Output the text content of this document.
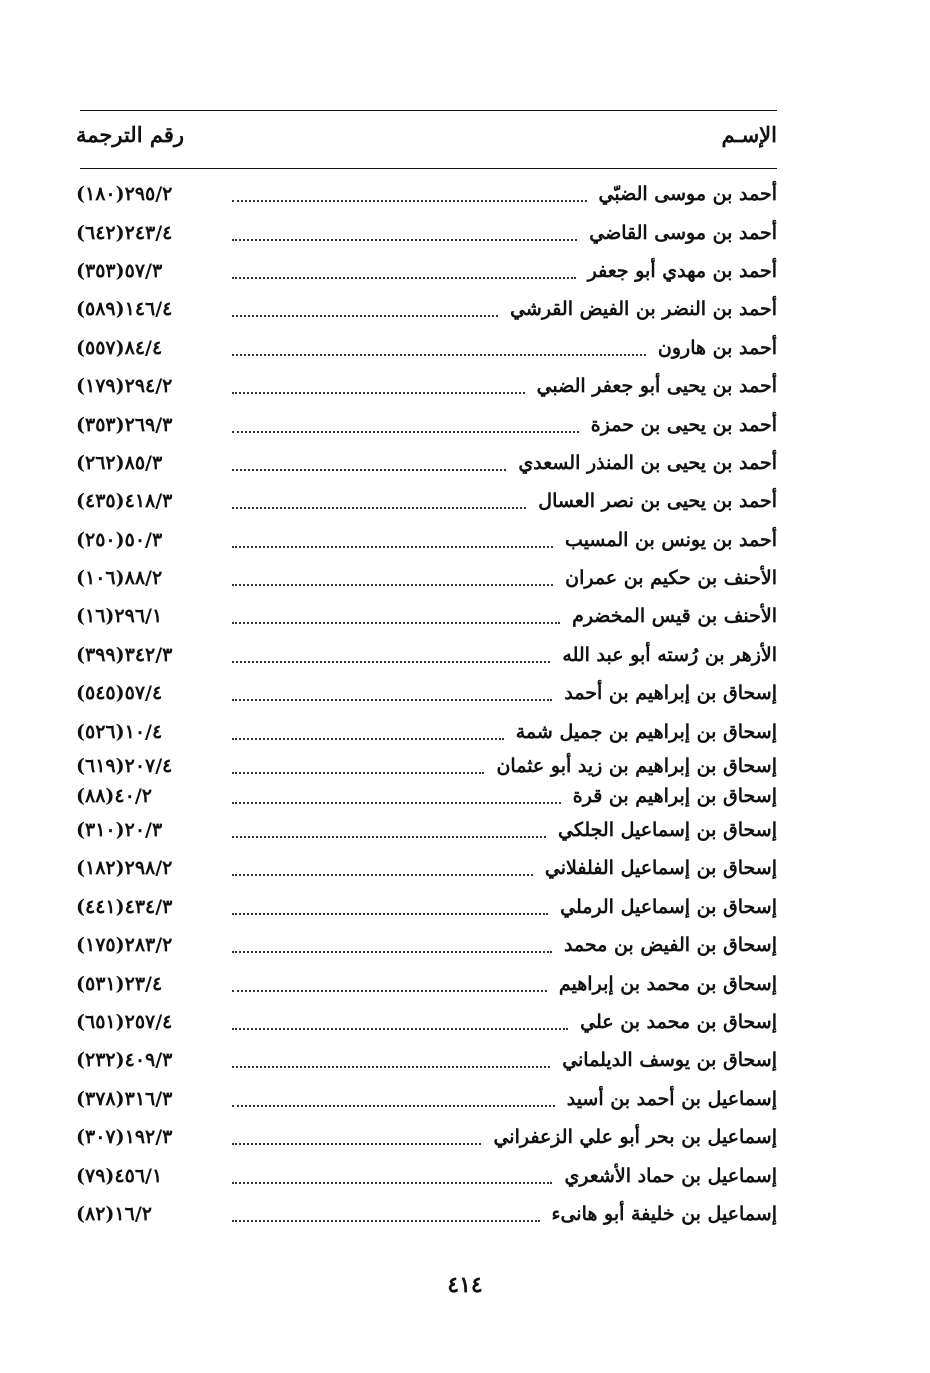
الإسـم
رقم الترجمة
أحمد بن موسى الضبّي
(١٨٠)٢٩٥/٢
أحمد بن موسى القاضي
(٦٤٢)٢٤٣/٤
أحمد بن مهدي أبو جعفر
(٣٥٣)٥٧/٣
أحمد بن النضر بن الفيض القرشي
(٥٨٩)١٤٦/٤
أحمد بن هارون
(٥٥٧)٨٤/٤
أحمد بن يحيى أبو جعفر الضبي
(١٧٩)٢٩٤/٢
أحمد بن يحيى بن حمزة
(٣٥٣)٢٦٩/٣
أحمد بن يحيى بن المنذر السعدي
(٢٦٢)٨٥/٣
أحمد بن يحيى بن نصر العسال
(٤٣٥)٤١٨/٣
أحمد بن يونس بن المسيب
(٢٥٠)٥٠/٣
الأحنف بن حكيم بن عمران
(١٠٦)٨٨/٢
الأحنف بن قيس المخضرم
(١٦)٢٩٦/١
الأزهر بن رُسته أبو عبد الله
(٣٩٩)٣٤٢/٣
إسحاق بن إبراهيم بن أحمد
(٥٤٥)٥٧/٤
إسحاق بن إبراهيم بن جميل شمة
(٥٢٦)١٠/٤
إسحاق بن إبراهيم بن زيد أبو عثمان
(٦١٩)٢٠٧/٤
إسحاق بن إبراهيم بن قرة
(٨٨)٤٠/٢
إسحاق بن إسماعيل الجلكي
(٣١٠)٢٠/٣
إسحاق بن إسماعيل الفلفلاني
(١٨٢)٢٩٨/٢
إسحاق بن إسماعيل الرملي
(٤٤١)٤٣٤/٣
إسحاق بن الفيض بن محمد
(١٧٥)٢٨٣/٢
إسحاق بن محمد بن إبراهيم
(٥٣١)٢٣/٤
إسحاق بن محمد بن علي
(٦٥١)٢٥٧/٤
إسحاق بن يوسف الديلماني
(٢٣٢)٤٠٩/٣
إسماعيل بن أحمد بن أسيد
(٣٧٨)٣١٦/٣
إسماعيل بن بحر أبو علي الزعفراني
(٣٠٧)١٩٢/٣
إسماعيل بن حماد الأشعري
(٧٩)٤٥٦/١
إسماعيل بن خليفة أبو هانىء
(٨٢)١٦/٢
٤١٤
